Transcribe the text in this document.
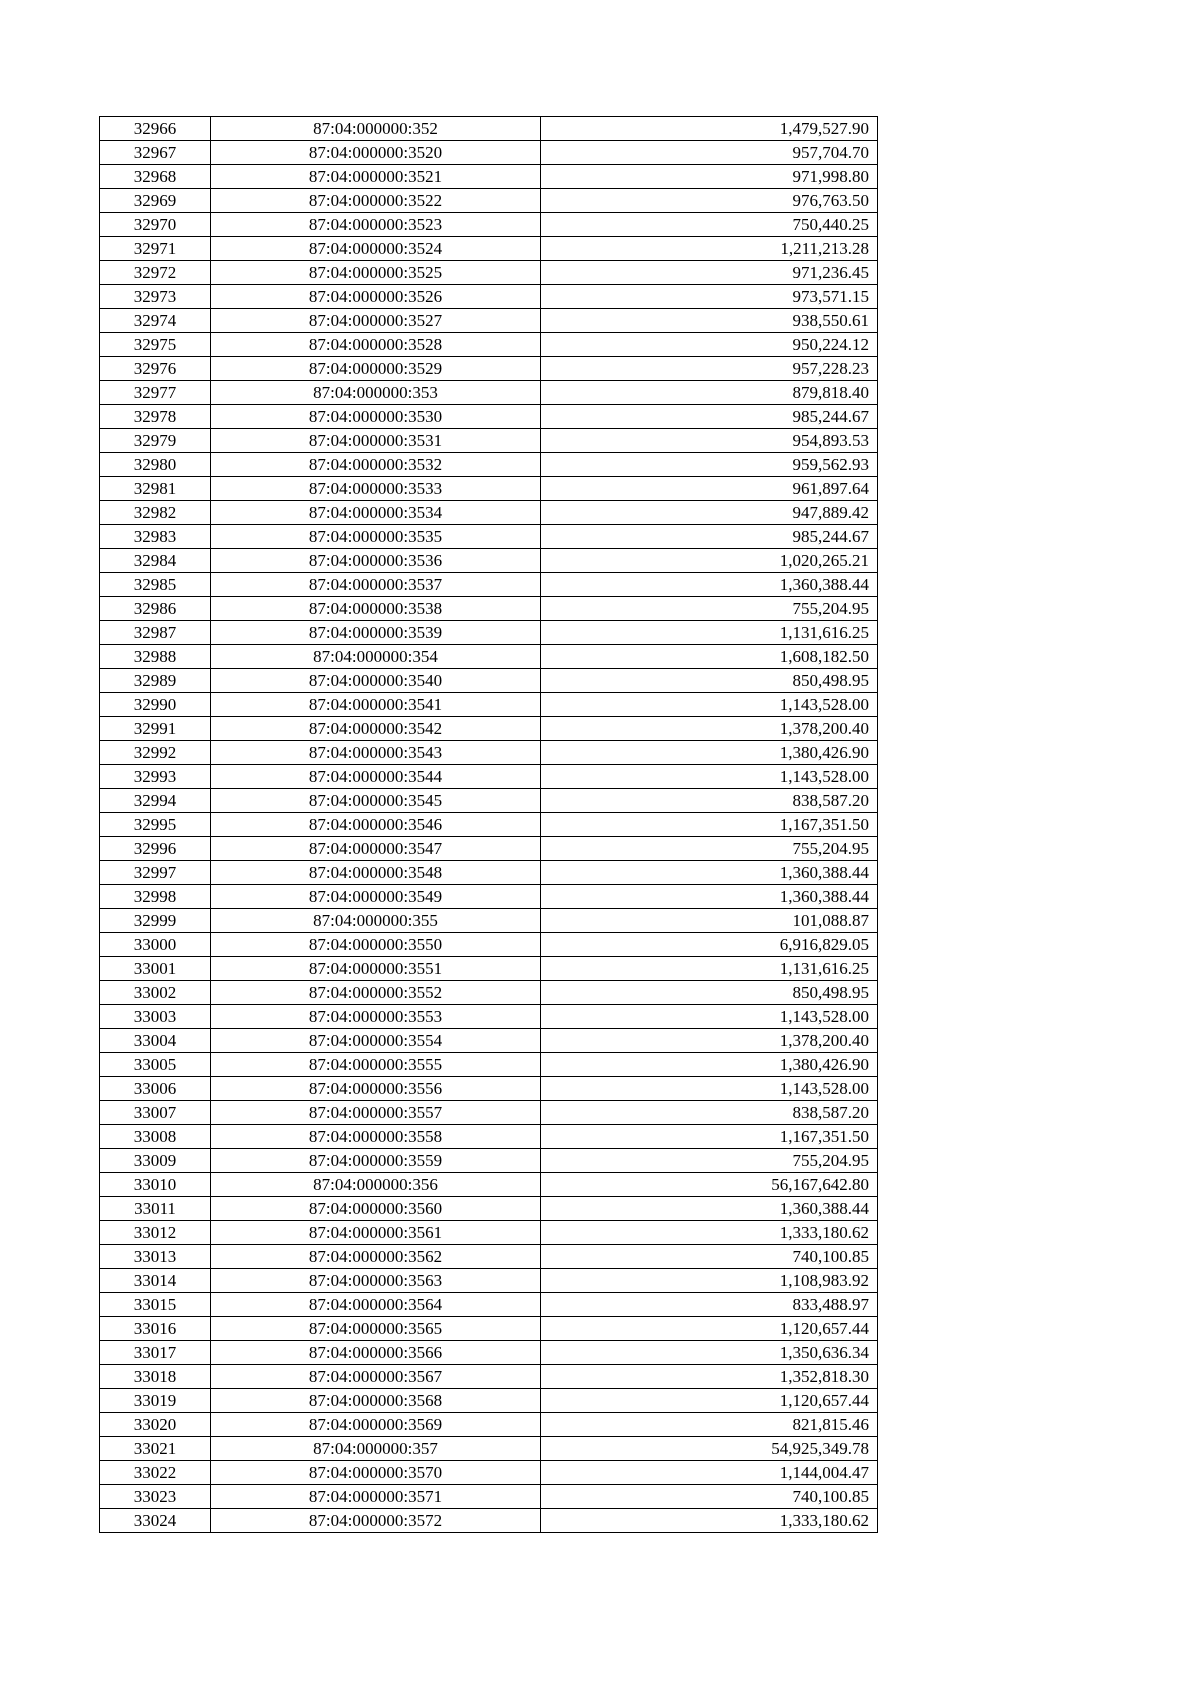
32966	87:04:000000:352	1,479,527.90
32967	87:04:000000:3520	957,704.70
32968	87:04:000000:3521	971,998.80
32969	87:04:000000:3522	976,763.50
32970	87:04:000000:3523	750,440.25
32971	87:04:000000:3524	1,211,213.28
32972	87:04:000000:3525	971,236.45
32973	87:04:000000:3526	973,571.15
32974	87:04:000000:3527	938,550.61
32975	87:04:000000:3528	950,224.12
32976	87:04:000000:3529	957,228.23
32977	87:04:000000:353	879,818.40
32978	87:04:000000:3530	985,244.67
32979	87:04:000000:3531	954,893.53
32980	87:04:000000:3532	959,562.93
32981	87:04:000000:3533	961,897.64
32982	87:04:000000:3534	947,889.42
32983	87:04:000000:3535	985,244.67
32984	87:04:000000:3536	1,020,265.21
32985	87:04:000000:3537	1,360,388.44
32986	87:04:000000:3538	755,204.95
32987	87:04:000000:3539	1,131,616.25
32988	87:04:000000:354	1,608,182.50
32989	87:04:000000:3540	850,498.95
32990	87:04:000000:3541	1,143,528.00
32991	87:04:000000:3542	1,378,200.40
32992	87:04:000000:3543	1,380,426.90
32993	87:04:000000:3544	1,143,528.00
32994	87:04:000000:3545	838,587.20
32995	87:04:000000:3546	1,167,351.50
32996	87:04:000000:3547	755,204.95
32997	87:04:000000:3548	1,360,388.44
32998	87:04:000000:3549	1,360,388.44
32999	87:04:000000:355	101,088.87
33000	87:04:000000:3550	6,916,829.05
33001	87:04:000000:3551	1,131,616.25
33002	87:04:000000:3552	850,498.95
33003	87:04:000000:3553	1,143,528.00
33004	87:04:000000:3554	1,378,200.40
33005	87:04:000000:3555	1,380,426.90
33006	87:04:000000:3556	1,143,528.00
33007	87:04:000000:3557	838,587.20
33008	87:04:000000:3558	1,167,351.50
33009	87:04:000000:3559	755,204.95
33010	87:04:000000:356	56,167,642.80
33011	87:04:000000:3560	1,360,388.44
33012	87:04:000000:3561	1,333,180.62
33013	87:04:000000:3562	740,100.85
33014	87:04:000000:3563	1,108,983.92
33015	87:04:000000:3564	833,488.97
33016	87:04:000000:3565	1,120,657.44
33017	87:04:000000:3566	1,350,636.34
33018	87:04:000000:3567	1,352,818.30
33019	87:04:000000:3568	1,120,657.44
33020	87:04:000000:3569	821,815.46
33021	87:04:000000:357	54,925,349.78
33022	87:04:000000:3570	1,144,004.47
33023	87:04:000000:3571	740,100.85
33024	87:04:000000:3572	1,333,180.62
